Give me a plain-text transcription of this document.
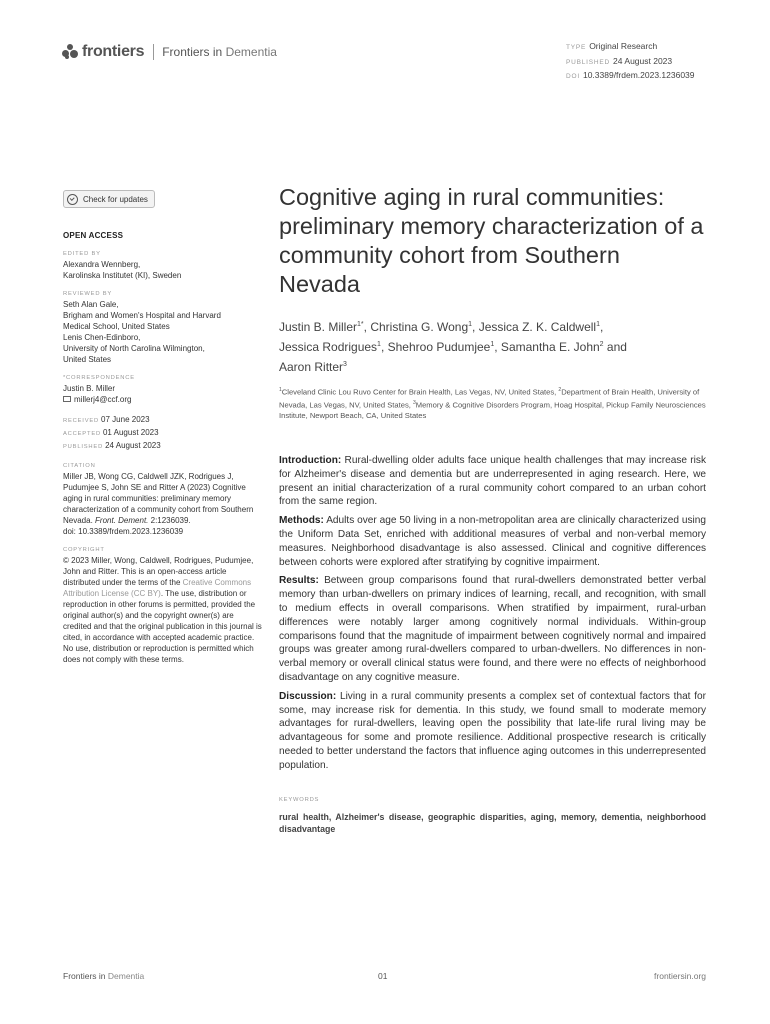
frontiers Frontiers in Dementia	TYPE Original Research
PUBLISHED 24 August 2023
DOI 10.3389/frdem.2023.1236039
Check for updates
OPEN ACCESS
EDITED BY

Alexandra Wennberg,

Karolinska Institutet (KI), Sweden

REVIEWED BY

Seth Alan Gale,

Brigham and Women's Hospital and Harvard

Medical School, United States

Lenis Chen-Edinboro,

University of North Carolina Wilmington,

United States

*CORRESPONDENCE

Justin B. Miller

millerj4@ccf.org

RECEIVED 07 June 2023

ACCEPTED 01 August 2023

PUBLISHED 24 August 2023

CITATION

Miller JB, Wong CG, Caldwell JZK, Rodrigues J, Pudumjee S, John SE and Ritter A (2023) Cognitive aging in rural communities: preliminary memory characterization of a community cohort from Southern Nevada. Front. Dement. 2:1236039.
doi: 10.3389/frdem.2023.1236039

COPYRIGHT

© 2023 Miller, Wong, Caldwell, Rodrigues, Pudumjee, John and Ritter. This is an open-access article distributed under the terms of the Creative Commons Attribution License (CC BY). The use, distribution or reproduction in other forums is permitted, provided the original author(s) and the copyright owner(s) are credited and that the original publication in this journal is cited, in accordance with accepted academic practice. No use, distribution or reproduction is permitted which does not comply with these terms.

Cognitive aging in rural communities: preliminary memory characterization of a community cohort from Southern Nevada
Justin B. Miller$^{1*}$, Christina G. Wong$^1$, Jessica Z. K. Caldwell$^1$,
Jessica Rodrigues$^1$, Shehroo Pudumjee$^1$, Samantha E. John$^2$ and
Aaron Ritter$^3$
$^1$Cleveland Clinic Lou Ruvo Center for Brain Health, Las Vegas, NV, United States, $^2$Department of Brain Health, University of Nevada, Las Vegas, NV, United States, $^3$Memory & Cognitive Disorders Program, Hoag Hospital, Pickup Family Neurosciences Institute, Newport Beach, CA, United States

Introduction: Rural-dwelling older adults face unique health challenges that may increase risk for Alzheimer's disease and dementia but are underrepresented in aging research. Here, we present an initial characterization of a rural community cohort compared to an urban cohort from the same region.

Methods: Adults over age 50 living in a non-metropolitan area are clinically characterized using the Uniform Data Set, enriched with additional measures of verbal and non-verbal memory measures. Neighborhood disadvantage is also assessed. Clinical and cognitive differences between cohorts were explored after stratifying by cognitive impairment.

Results: Between group comparisons found that rural-dwellers demonstrated better verbal memory than urban-dwellers on primary indices of learning, recall, and recognition, with small to medium effects in overall comparisons. When stratified by impairment, rural-urban differences were notably larger among cognitively normal individuals. Within-group comparisons found that the magnitude of impairment between cognitively normal and impaired groups was greater among rural-dwellers compared to urban-dwellers. No differences in non-verbal memory or overall clinical status were found, and there were no effects of neighborhood disadvantage on any cognitive measure.

Discussion: Living in a rural community presents a complex set of contextual factors that for some, may increase risk for dementia. In this study, we found small to moderate memory advantages for rural-dwellers, leaving open the possibility that late-life rural living may be advantageous for some and promote resilience. Additional prospective research is critically needed to better understand the factors that influence aging outcomes in this underrepresented population.

KEYWORDS
rural health, Alzheimer's disease, geographic disparities, aging, memory, dementia, neighborhood disadvantage
Frontiers in Dementia	01	frontiersin.org
